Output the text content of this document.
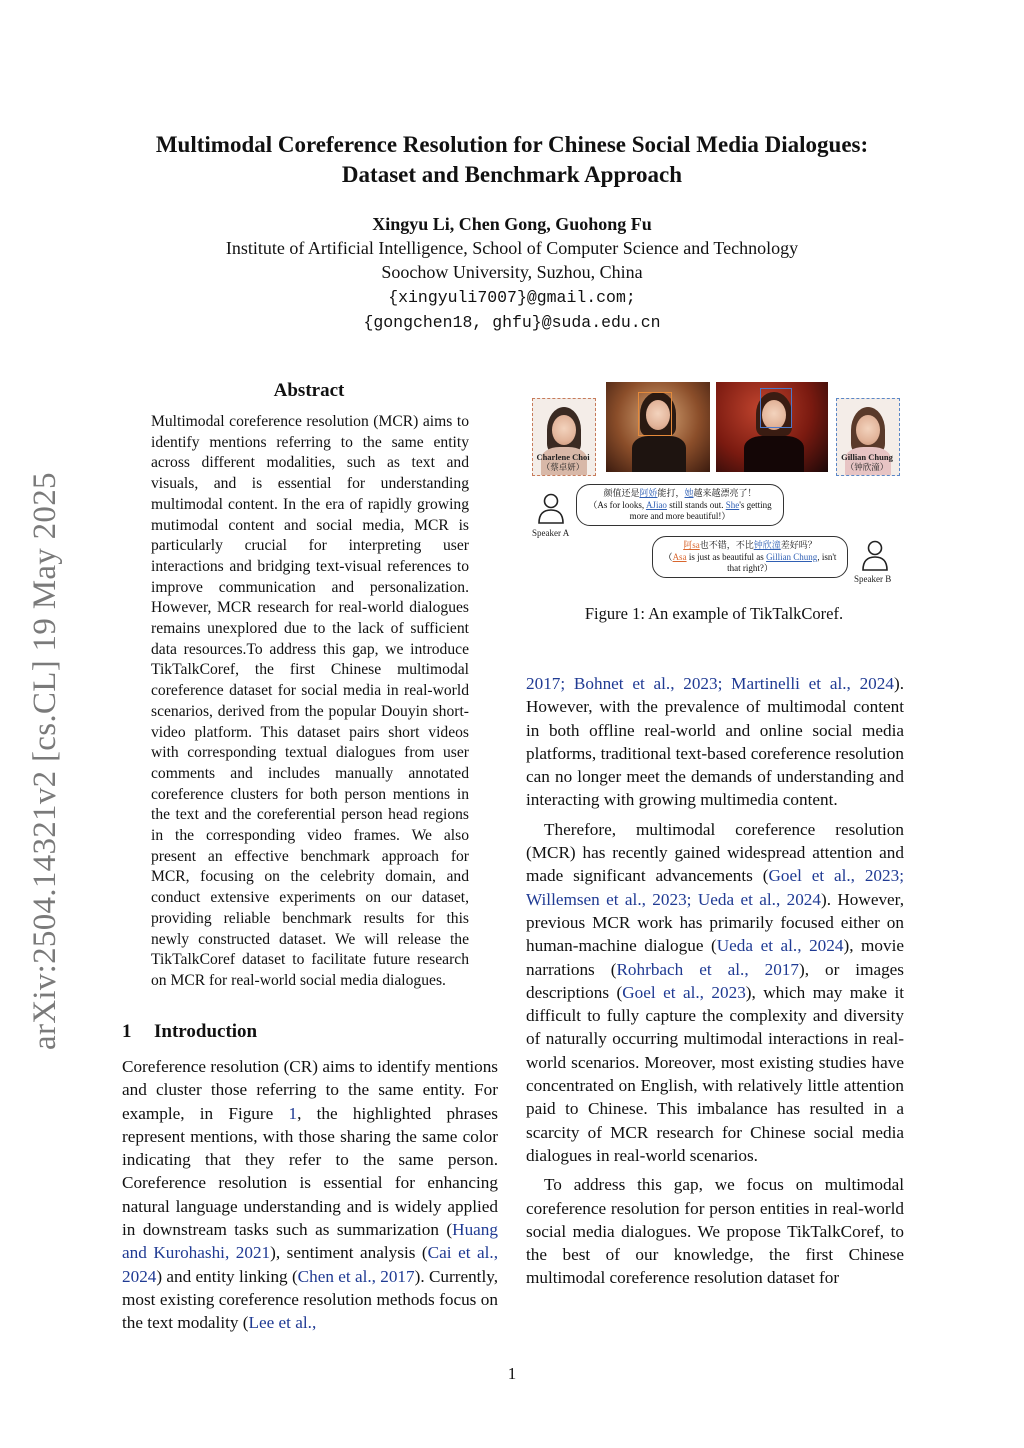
arXiv:2504.14321v2 [cs.CL] 19 May 2025
Multimodal Coreference Resolution for Chinese Social Media Dialogues:
Dataset and Benchmark Approach
Xingyu Li, Chen Gong, Guohong Fu
Institute of Artificial Intelligence, School of Computer Science and Technology
Soochow University, Suzhou, China
{xingyuli7007}@gmail.com;
{gongchen18, ghfu}@suda.edu.cn
Abstract
Multimodal coreference resolution (MCR) aims to identify mentions referring to the same entity across different modalities, such as text and visuals, and is essential for understanding multimodal content. In the era of rapidly growing mutimodal content and social media, MCR is particularly crucial for interpreting user interactions and bridging text-visual references to improve communication and personalization. However, MCR research for real-world dialogues remains unexplored due to the lack of sufficient data resources.To address this gap, we introduce TikTalkCoref, the first Chinese multimodal coreference dataset for social media in real-world scenarios, derived from the popular Douyin short-video platform. This dataset pairs short videos with corresponding textual dialogues from user comments and includes manually annotated coreference clusters for both person mentions in the text and the coreferential person head regions in the corresponding video frames. We also present an effective benchmark approach for MCR, focusing on the celebrity domain, and conduct extensive experiments on our dataset, providing reliable benchmark results for this newly constructed dataset. We will release the TikTalkCoref dataset to facilitate future research on MCR for real-world social media dialogues.
1 Introduction

Coreference resolution (CR) aims to identify mentions and cluster those referring to the same entity. For example, in Figure 1, the highlighted phrases represent mentions, with those sharing the same color indicating that they refer to the same person. Coreference resolution is essential for enhancing natural language understanding and is widely applied in downstream tasks such as summarization (Huang and Kurohashi, 2021), sentiment analysis (Cai et al., 2024) and entity linking (Chen et al., 2017). Currently, most existing coreference resolution methods focus on the text modality (Lee et al.,

Charlene Choi
（蔡卓妍）
Gillian Chung
（钟欣潼）
Speaker A
颜值还是阿娇能打，她越来越漂亮了！
（As for looks, AJiao still stands out. She's getting more and more beautiful!）
Speaker B
阿sa也不错，不比钟欣潼差好吗？
（Asa is just as beautiful as Gillian Chung, isn't that right?）
Figure 1: An example of TikTalkCoref.

2017; Bohnet et al., 2023; Martinelli et al., 2024). However, with the prevalence of multimodal content in both offline real-world and online social media platforms, traditional text-based coreference resolution can no longer meet the demands of understanding and interacting with growing multimedia content.

Therefore, multimodal coreference resolution (MCR) has recently gained widespread attention and made significant advancements (Goel et al., 2023; Willemsen et al., 2023; Ueda et al., 2024). However, previous MCR work has primarily focused either on human-machine dialogue (Ueda et al., 2024), movie narrations (Rohrbach et al., 2017), or images descriptions (Goel et al., 2023), which may make it difficult to fully capture the complexity and diversity of naturally occurring multimodal interactions in real-world scenarios. Moreover, most existing studies have concentrated on English, with relatively little attention paid to Chinese. This imbalance has resulted in a scarcity of MCR research for Chinese social media dialogues in real-world scenarios.

To address this gap, we focus on multimodal coreference resolution for person entities in real-world social media dialogues. We propose TikTalkCoref, to the best of our knowledge, the first Chinese multimodal coreference resolution dataset for

1
